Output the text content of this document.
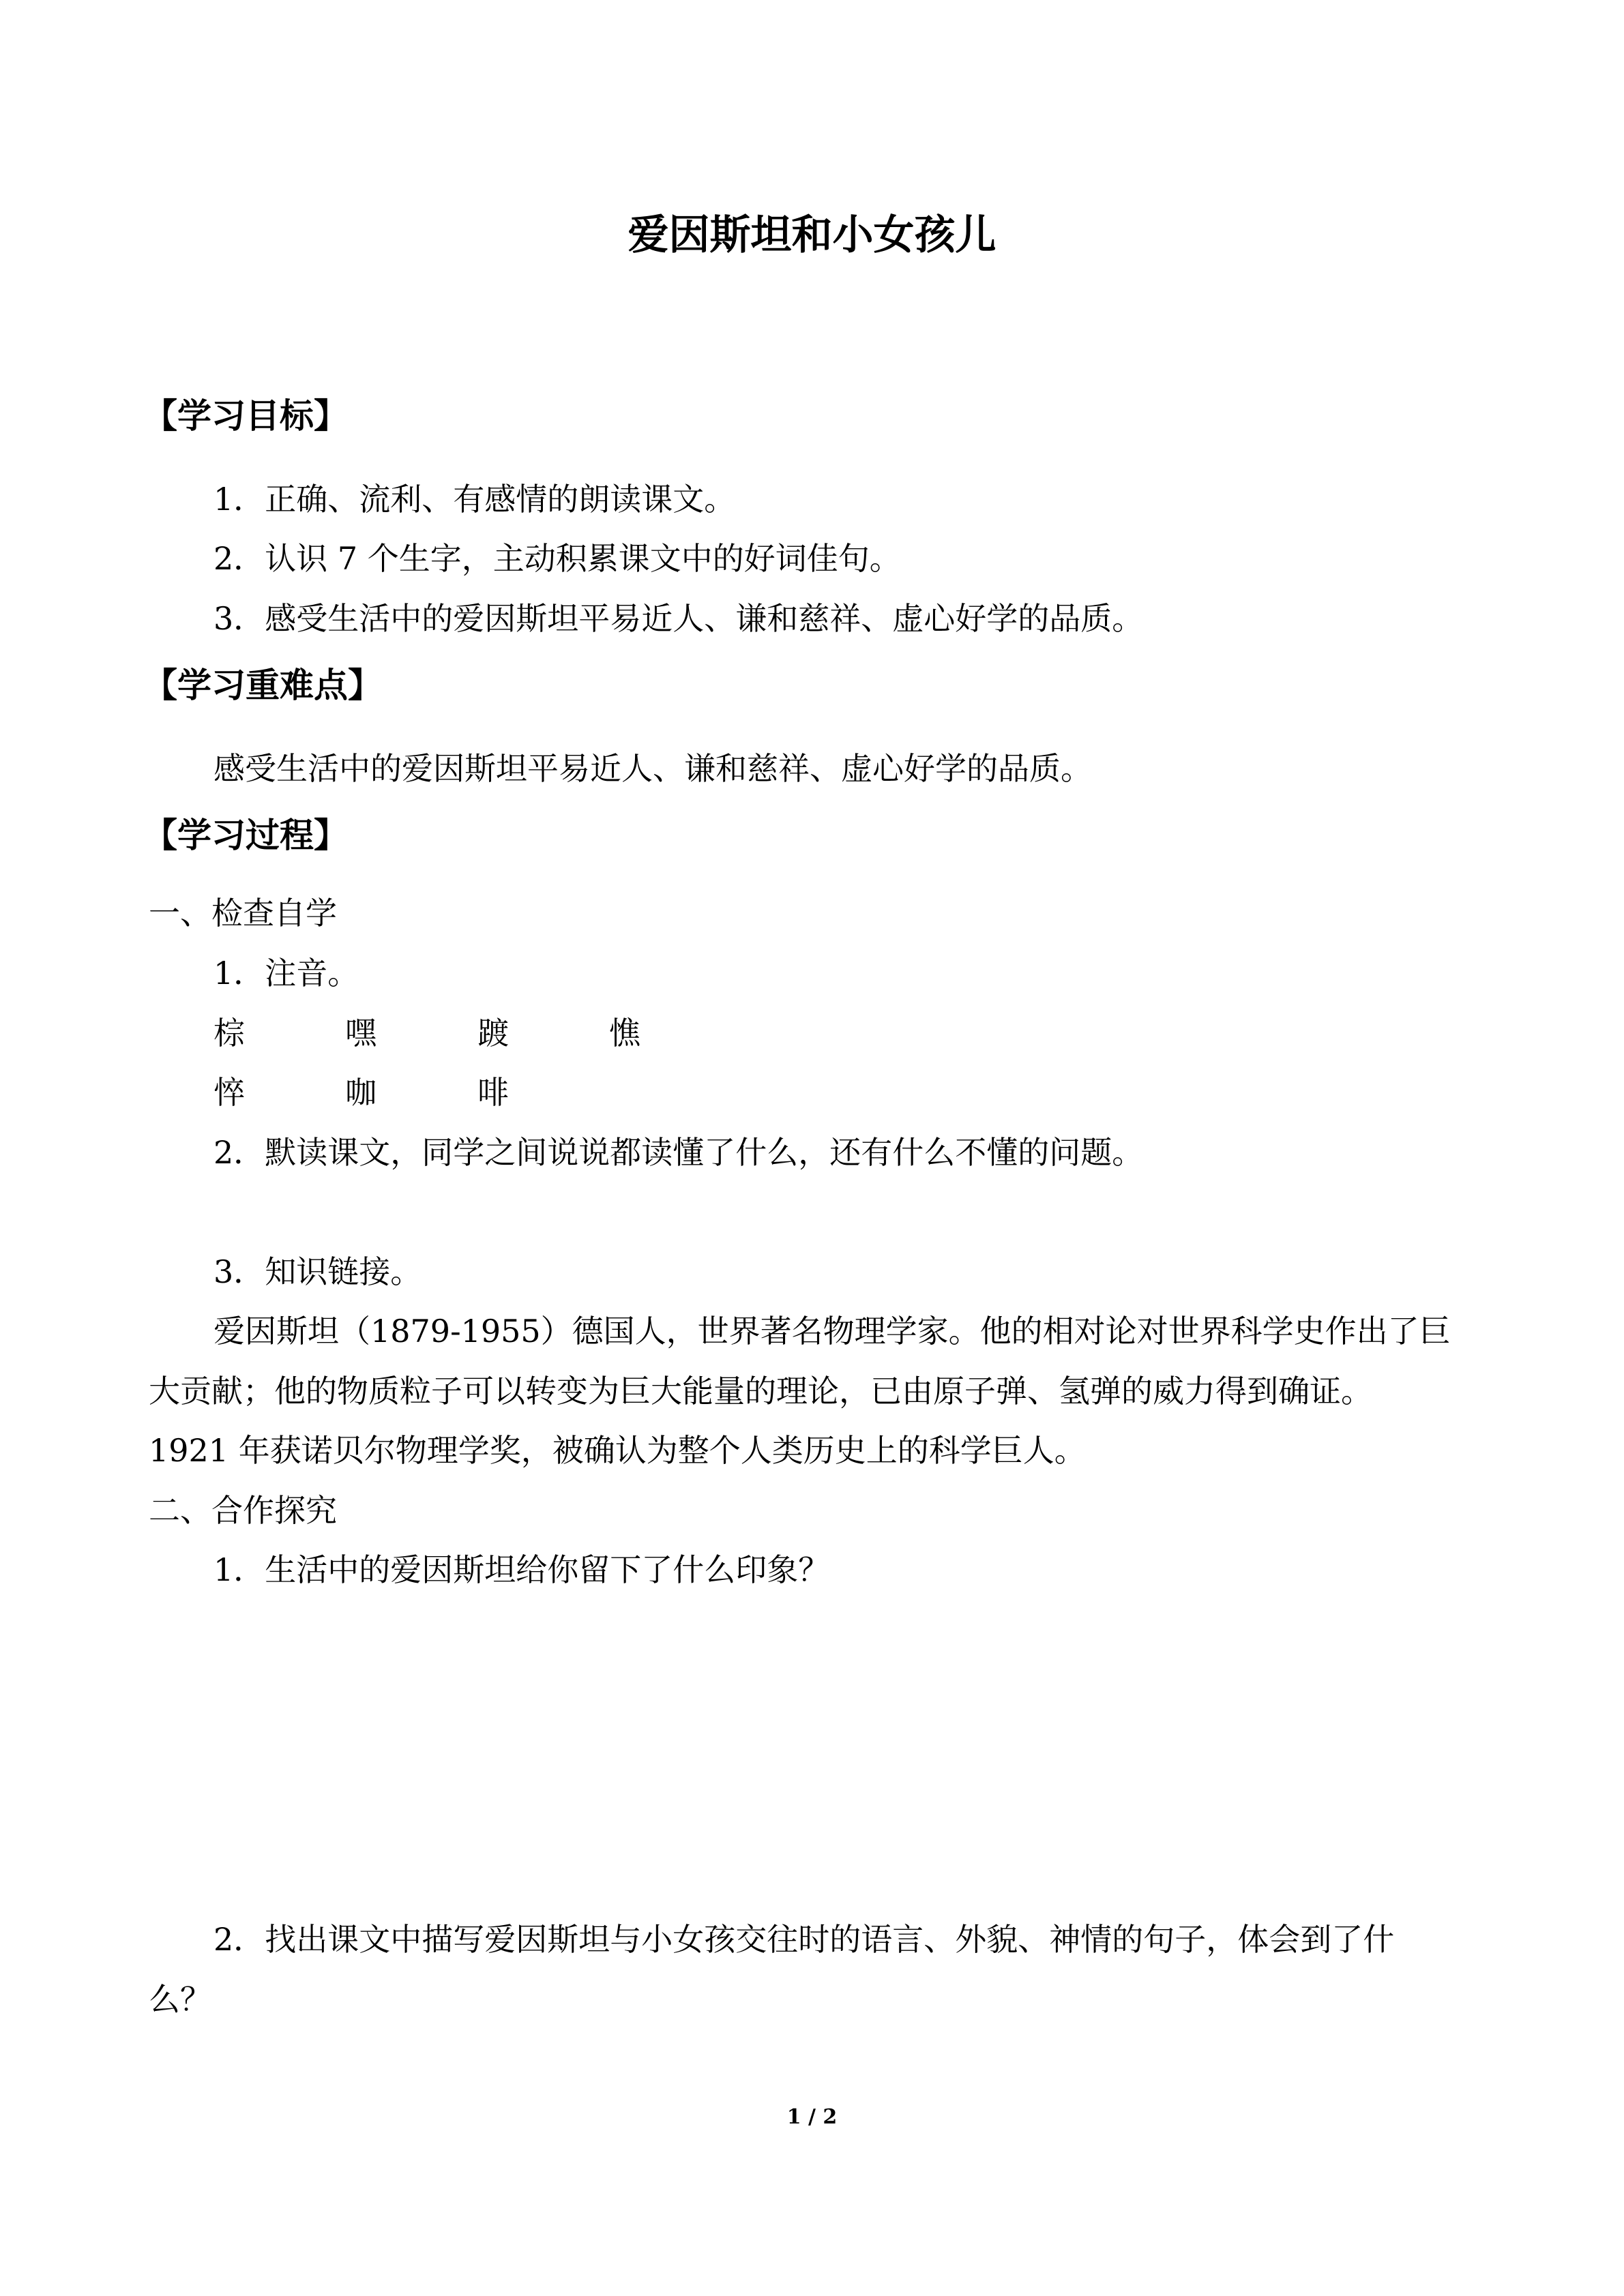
爱因斯坦和小女孩儿
【学习目标】
1．正确、流利、有感情的朗读课文。
2．认识 7 个生字，主动积累课文中的好词佳句。
3．感受生活中的爱因斯坦平易近人、谦和慈祥、虚心好学的品质。
【学习重难点】
感受生活中的爱因斯坦平易近人、谦和慈祥、虚心好学的品质。
【学习过程】
一、检查自学
1．注音。
棕	嘿	踱	憔
悴	咖	啡
2．默读课文，同学之间说说都读懂了什么，还有什么不懂的问题。
3．知识链接。
爱因斯坦（1879-1955）德国人，世界著名物理学家。他的相对论对世界科学史作出了巨
大贡献；他的物质粒子可以转变为巨大能量的理论，已由原子弹、氢弹的威力得到确证。
1921 年获诺贝尔物理学奖，被确认为整个人类历史上的科学巨人。
二、合作探究
1．生活中的爱因斯坦给你留下了什么印象？
2．找出课文中描写爱因斯坦与小女孩交往时的语言、外貌、神情的句子，体会到了什
么？
1 / 2
